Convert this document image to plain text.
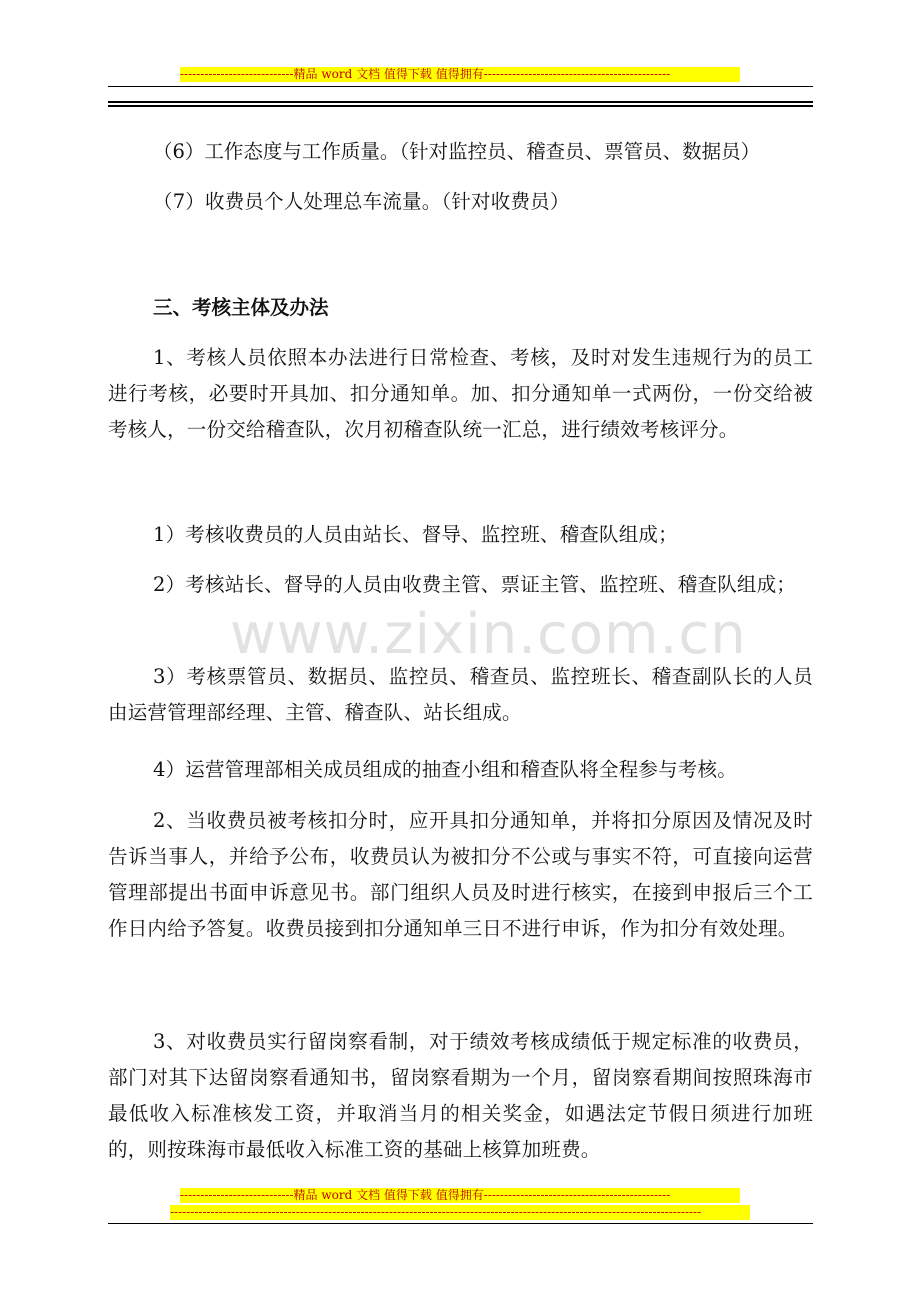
----------------------------精品 word 文档 值得下载 值得拥有----------------------------------------------
（6）工作态度与工作质量。（针对监控员、稽查员、票管员、数据员）
（7）收费员个人处理总车流量。（针对收费员）
三、考核主体及办法
1、考核人员依照本办法进行日常检查、考核，及时对发生违规行为的员工进行考核，必要时开具加、扣分通知单。加、扣分通知单一式两份，一份交给被考核人，一份交给稽查队，次月初稽查队统一汇总，进行绩效考核评分。
1）考核收费员的人员由站长、督导、监控班、稽查队组成；
2）考核站长、督导的人员由收费主管、票证主管、监控班、稽查队组成；
3）考核票管员、数据员、监控员、稽查员、监控班长、稽查副队长的人员由运营管理部经理、主管、稽查队、站长组成。
4）运营管理部相关成员组成的抽查小组和稽查队将全程参与考核。
2、当收费员被考核扣分时，应开具扣分通知单，并将扣分原因及情况及时告诉当事人，并给予公布，收费员认为被扣分不公或与事实不符，可直接向运营管理部提出书面申诉意见书。部门组织人员及时进行核实，在接到申报后三个工作日内给予答复。收费员接到扣分通知单三日不进行申诉，作为扣分有效处理。
3、对收费员实行留岗察看制，对于绩效考核成绩低于规定标准的收费员，部门对其下达留岗察看通知书，留岗察看期为一个月，留岗察看期间按照珠海市最低收入标准核发工资，并取消当月的相关奖金，如遇法定节假日须进行加班的，则按珠海市最低收入标准工资的基础上核算加班费。
www.zixin.com.cn
----------------------------精品 word 文档 值得下载 值得拥有----------------------------------------------
-----------------------------------------------------------------------------------------------------------------------------------
